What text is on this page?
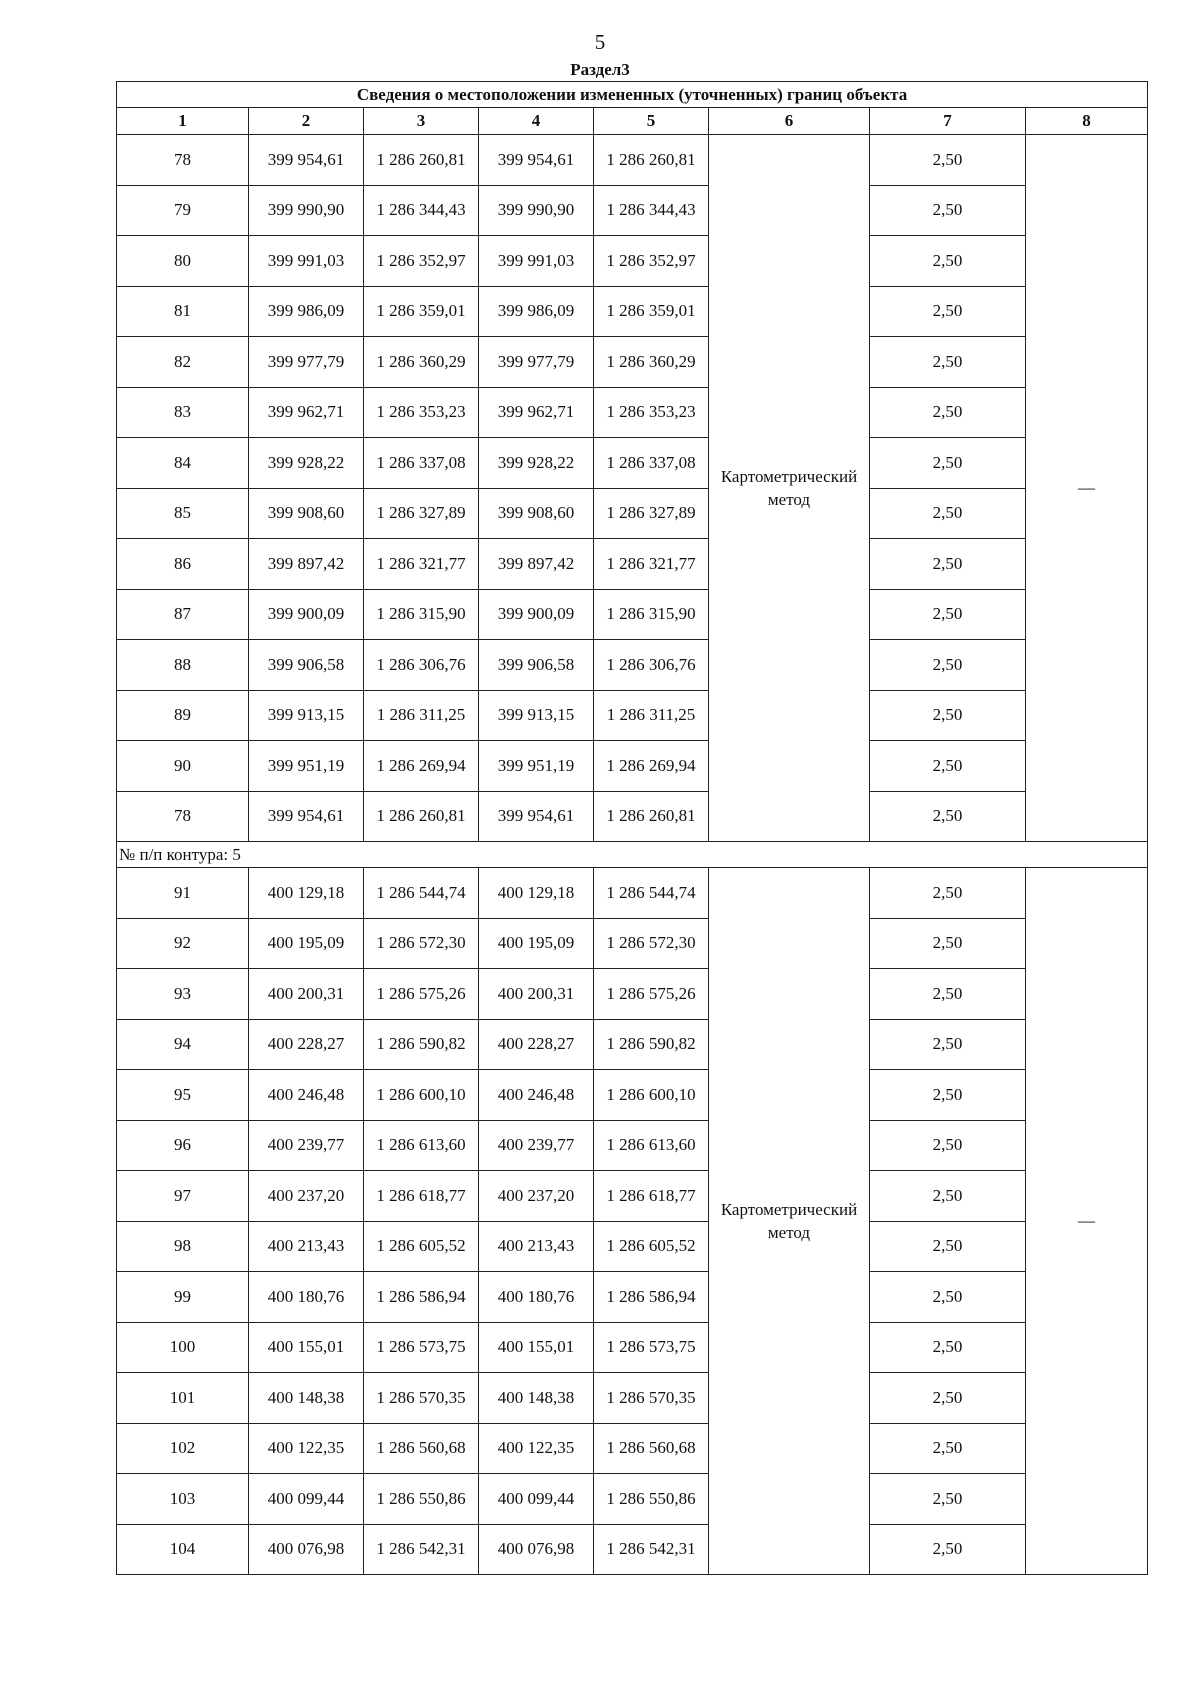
5
Раздел3
Сведения о местоположении измененных (уточненных) границ объекта							
1	2	3	4	5	6	7	8
78	399 954,61	1 286 260,81	399 954,61	1 286 260,81	Картометрический метод	2,50	—
79	399 990,90	1 286 344,43	399 990,90	1 286 344,43		2,50	
80	399 991,03	1 286 352,97	399 991,03	1 286 352,97		2,50	
81	399 986,09	1 286 359,01	399 986,09	1 286 359,01		2,50	
82	399 977,79	1 286 360,29	399 977,79	1 286 360,29		2,50	
83	399 962,71	1 286 353,23	399 962,71	1 286 353,23		2,50	
84	399 928,22	1 286 337,08	399 928,22	1 286 337,08		2,50	
85	399 908,60	1 286 327,89	399 908,60	1 286 327,89		2,50	
86	399 897,42	1 286 321,77	399 897,42	1 286 321,77		2,50	
87	399 900,09	1 286 315,90	399 900,09	1 286 315,90		2,50	
88	399 906,58	1 286 306,76	399 906,58	1 286 306,76		2,50	
89	399 913,15	1 286 311,25	399 913,15	1 286 311,25		2,50	
90	399 951,19	1 286 269,94	399 951,19	1 286 269,94		2,50	
78	399 954,61	1 286 260,81	399 954,61	1 286 260,81		2,50	
№ п/п контура: 5							
91	400 129,18	1 286 544,74	400 129,18	1 286 544,74	Картометрический метод	2,50	—
92	400 195,09	1 286 572,30	400 195,09	1 286 572,30		2,50	
93	400 200,31	1 286 575,26	400 200,31	1 286 575,26		2,50	
94	400 228,27	1 286 590,82	400 228,27	1 286 590,82		2,50	
95	400 246,48	1 286 600,10	400 246,48	1 286 600,10		2,50	
96	400 239,77	1 286 613,60	400 239,77	1 286 613,60		2,50	
97	400 237,20	1 286 618,77	400 237,20	1 286 618,77		2,50	
98	400 213,43	1 286 605,52	400 213,43	1 286 605,52		2,50	
99	400 180,76	1 286 586,94	400 180,76	1 286 586,94		2,50	
100	400 155,01	1 286 573,75	400 155,01	1 286 573,75		2,50	
101	400 148,38	1 286 570,35	400 148,38	1 286 570,35		2,50	
102	400 122,35	1 286 560,68	400 122,35	1 286 560,68		2,50	
103	400 099,44	1 286 550,86	400 099,44	1 286 550,86		2,50	
104	400 076,98	1 286 542,31	400 076,98	1 286 542,31		2,50	
